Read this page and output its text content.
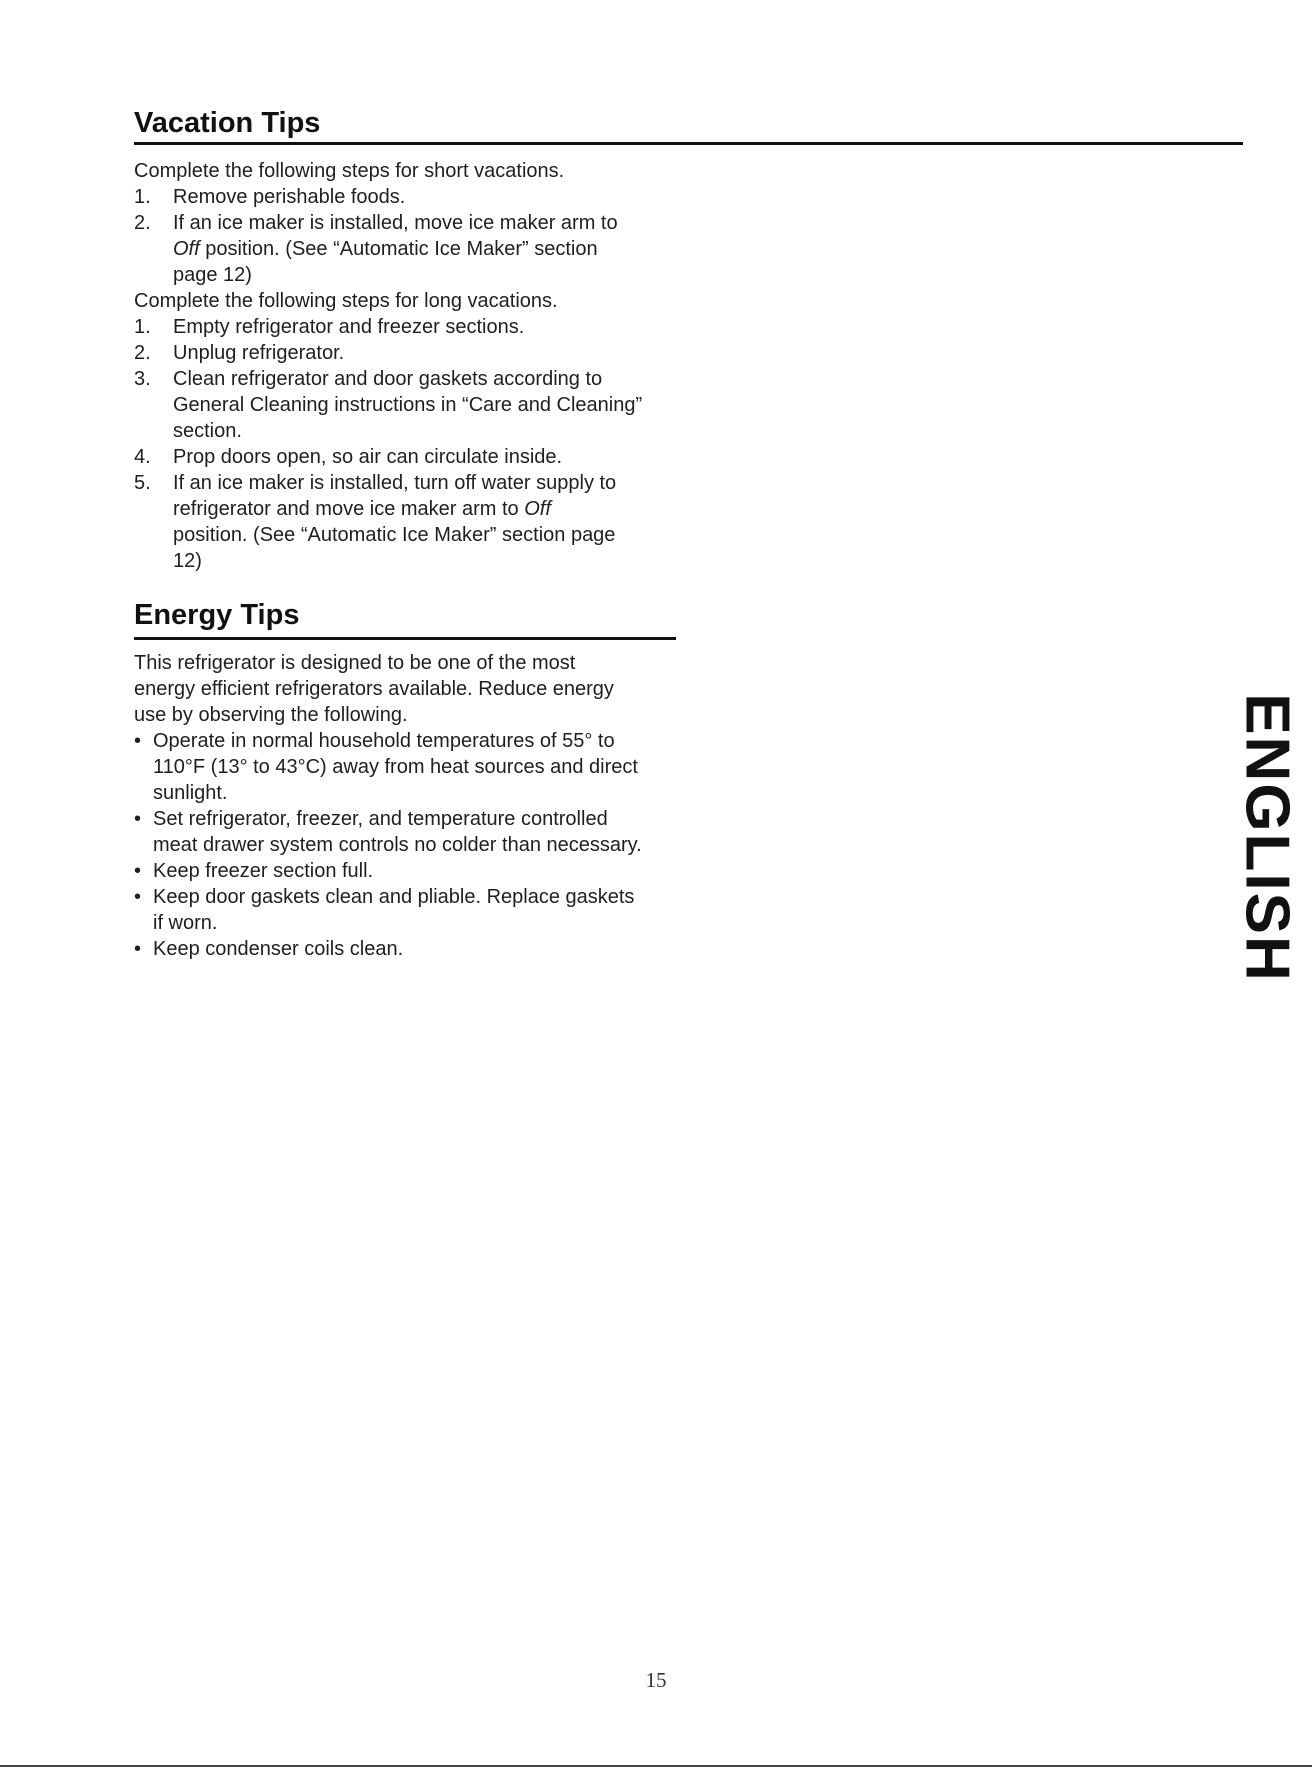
Vacation Tips
Complete the following steps for short vacations.
1. Remove perishable foods.
2. If an ice maker is installed, move ice maker arm to
Off position. (See “Automatic Ice Maker” section
page 12)
Complete the following steps for long vacations.
1. Empty refrigerator and freezer sections.
2. Unplug refrigerator.
3. Clean refrigerator and door gaskets according to
General Cleaning instructions in “Care and Cleaning”
section.
4. Prop doors open, so air can circulate inside.
5. If an ice maker is installed, turn off water supply to
refrigerator and move ice maker arm to Off
position. (See “Automatic Ice Maker” section page
12)
Energy Tips
This refrigerator is designed to be one of the most
energy efficient refrigerators available. Reduce energy
use by observing the following.
• Operate in normal household temperatures of 55° to
110°F (13° to 43°C) away from heat sources and direct
sunlight.
• Set refrigerator, freezer, and temperature controlled
meat drawer system controls no colder than necessary.
• Keep freezer section full.
• Keep door gaskets clean and pliable. Replace gaskets
if worn.
• Keep condenser coils clean.	ENGLISH
15
